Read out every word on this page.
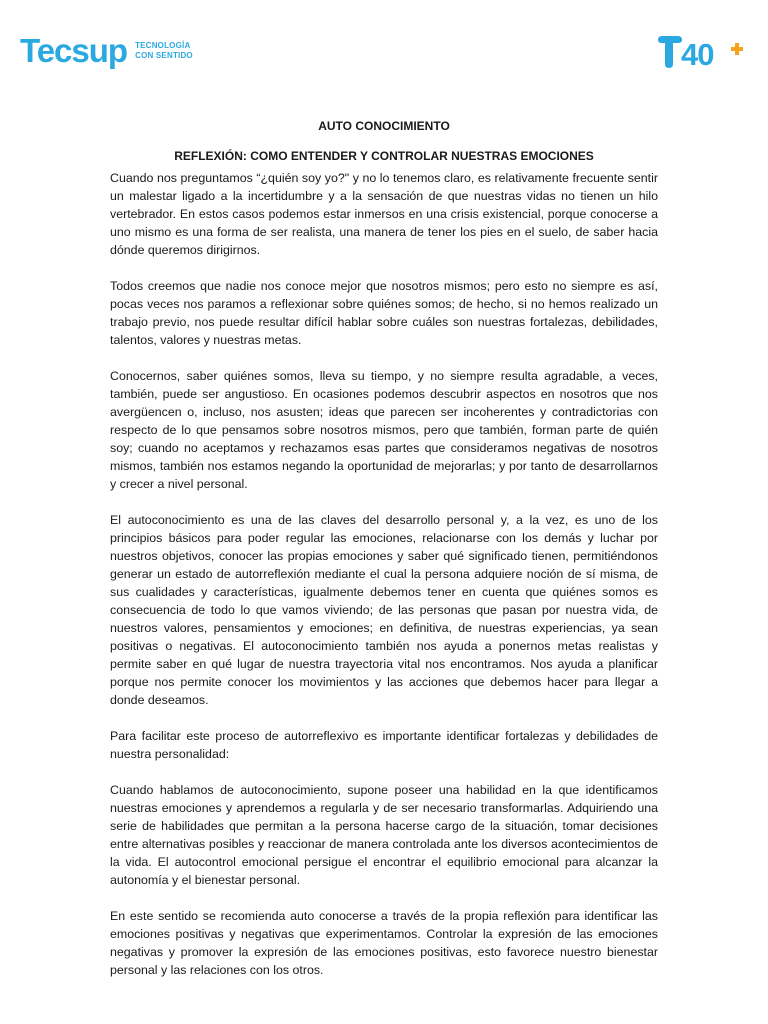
Tecsup TECNOLOGÍA
CON SENTIDO	40

AUTO CONOCIMIENTO

REFLEXIÓN: COMO ENTENDER Y CONTROLAR NUESTRAS EMOCIONES

Cuando nos preguntamos “¿quién soy yo?" y no lo tenemos claro, es relativamente frecuente sentir un malestar ligado a la incertidumbre y a la sensación de que nuestras vidas no tienen un hilo vertebrador. En estos casos podemos estar inmersos en una crisis existencial, porque conocerse a uno mismo es una forma de ser realista, una manera de tener los pies en el suelo, de saber hacia dónde queremos dirigirnos.

Todos creemos que nadie nos conoce mejor que nosotros mismos; pero esto no siempre es así, pocas veces nos paramos a reflexionar sobre quiénes somos; de hecho, si no hemos realizado un trabajo previo, nos puede resultar difícil hablar sobre cuáles son nuestras fortalezas, debilidades, talentos, valores y nuestras metas.

Conocernos, saber quiénes somos, lleva su tiempo, y no siempre resulta agradable, a veces, también, puede ser angustioso. En ocasiones podemos descubrir aspectos en nosotros que nos avergüencen o, incluso, nos asusten; ideas que parecen ser incoherentes y contradictorias con respecto de lo que pensamos sobre nosotros mismos, pero que también, forman parte de quién soy; cuando no aceptamos y rechazamos esas partes que consideramos negativas de nosotros mismos, también nos estamos negando la oportunidad de mejorarlas; y por tanto de desarrollarnos y crecer a nivel personal.

El autoconocimiento es una de las claves del desarrollo personal y, a la vez, es uno de los principios básicos para poder regular las emociones, relacionarse con los demás y luchar por nuestros objetivos, conocer las propias emociones y saber qué significado tienen, permitiéndonos generar un estado de autorreflexión mediante el cual la persona adquiere noción de sí misma, de sus cualidades y características, igualmente debemos tener en cuenta que quiénes somos es consecuencia de todo lo que vamos viviendo; de las personas que pasan por nuestra vida, de nuestros valores, pensamientos y emociones; en definitiva, de nuestras experiencias, ya sean positivas o negativas. El autoconocimiento también nos ayuda a ponernos metas realistas y permite saber en qué lugar de nuestra trayectoria vital nos encontramos. Nos ayuda a planificar porque nos permite conocer los movimientos y las acciones que debemos hacer para llegar a donde deseamos.

Para facilitar este proceso de autorreflexivo es importante identificar fortalezas y debilidades de nuestra personalidad:

Cuando hablamos de autoconocimiento, supone poseer una habilidad en la que identificamos nuestras emociones y aprendemos a regularla y de ser necesario transformarlas. Adquiriendo una serie de habilidades que permitan a la persona hacerse cargo de la situación, tomar decisiones entre alternativas posibles y reaccionar de manera controlada ante los diversos acontecimientos de la vida. El autocontrol emocional persigue el encontrar el equilibrio emocional para alcanzar la autonomía y el bienestar personal.

En este sentido se recomienda auto conocerse a través de la propia reflexión para identificar las emociones positivas y negativas que experimentamos. Controlar la expresión de las emociones negativas y promover la expresión de las emociones positivas, esto favorece nuestro bienestar personal y las relaciones con los otros.
